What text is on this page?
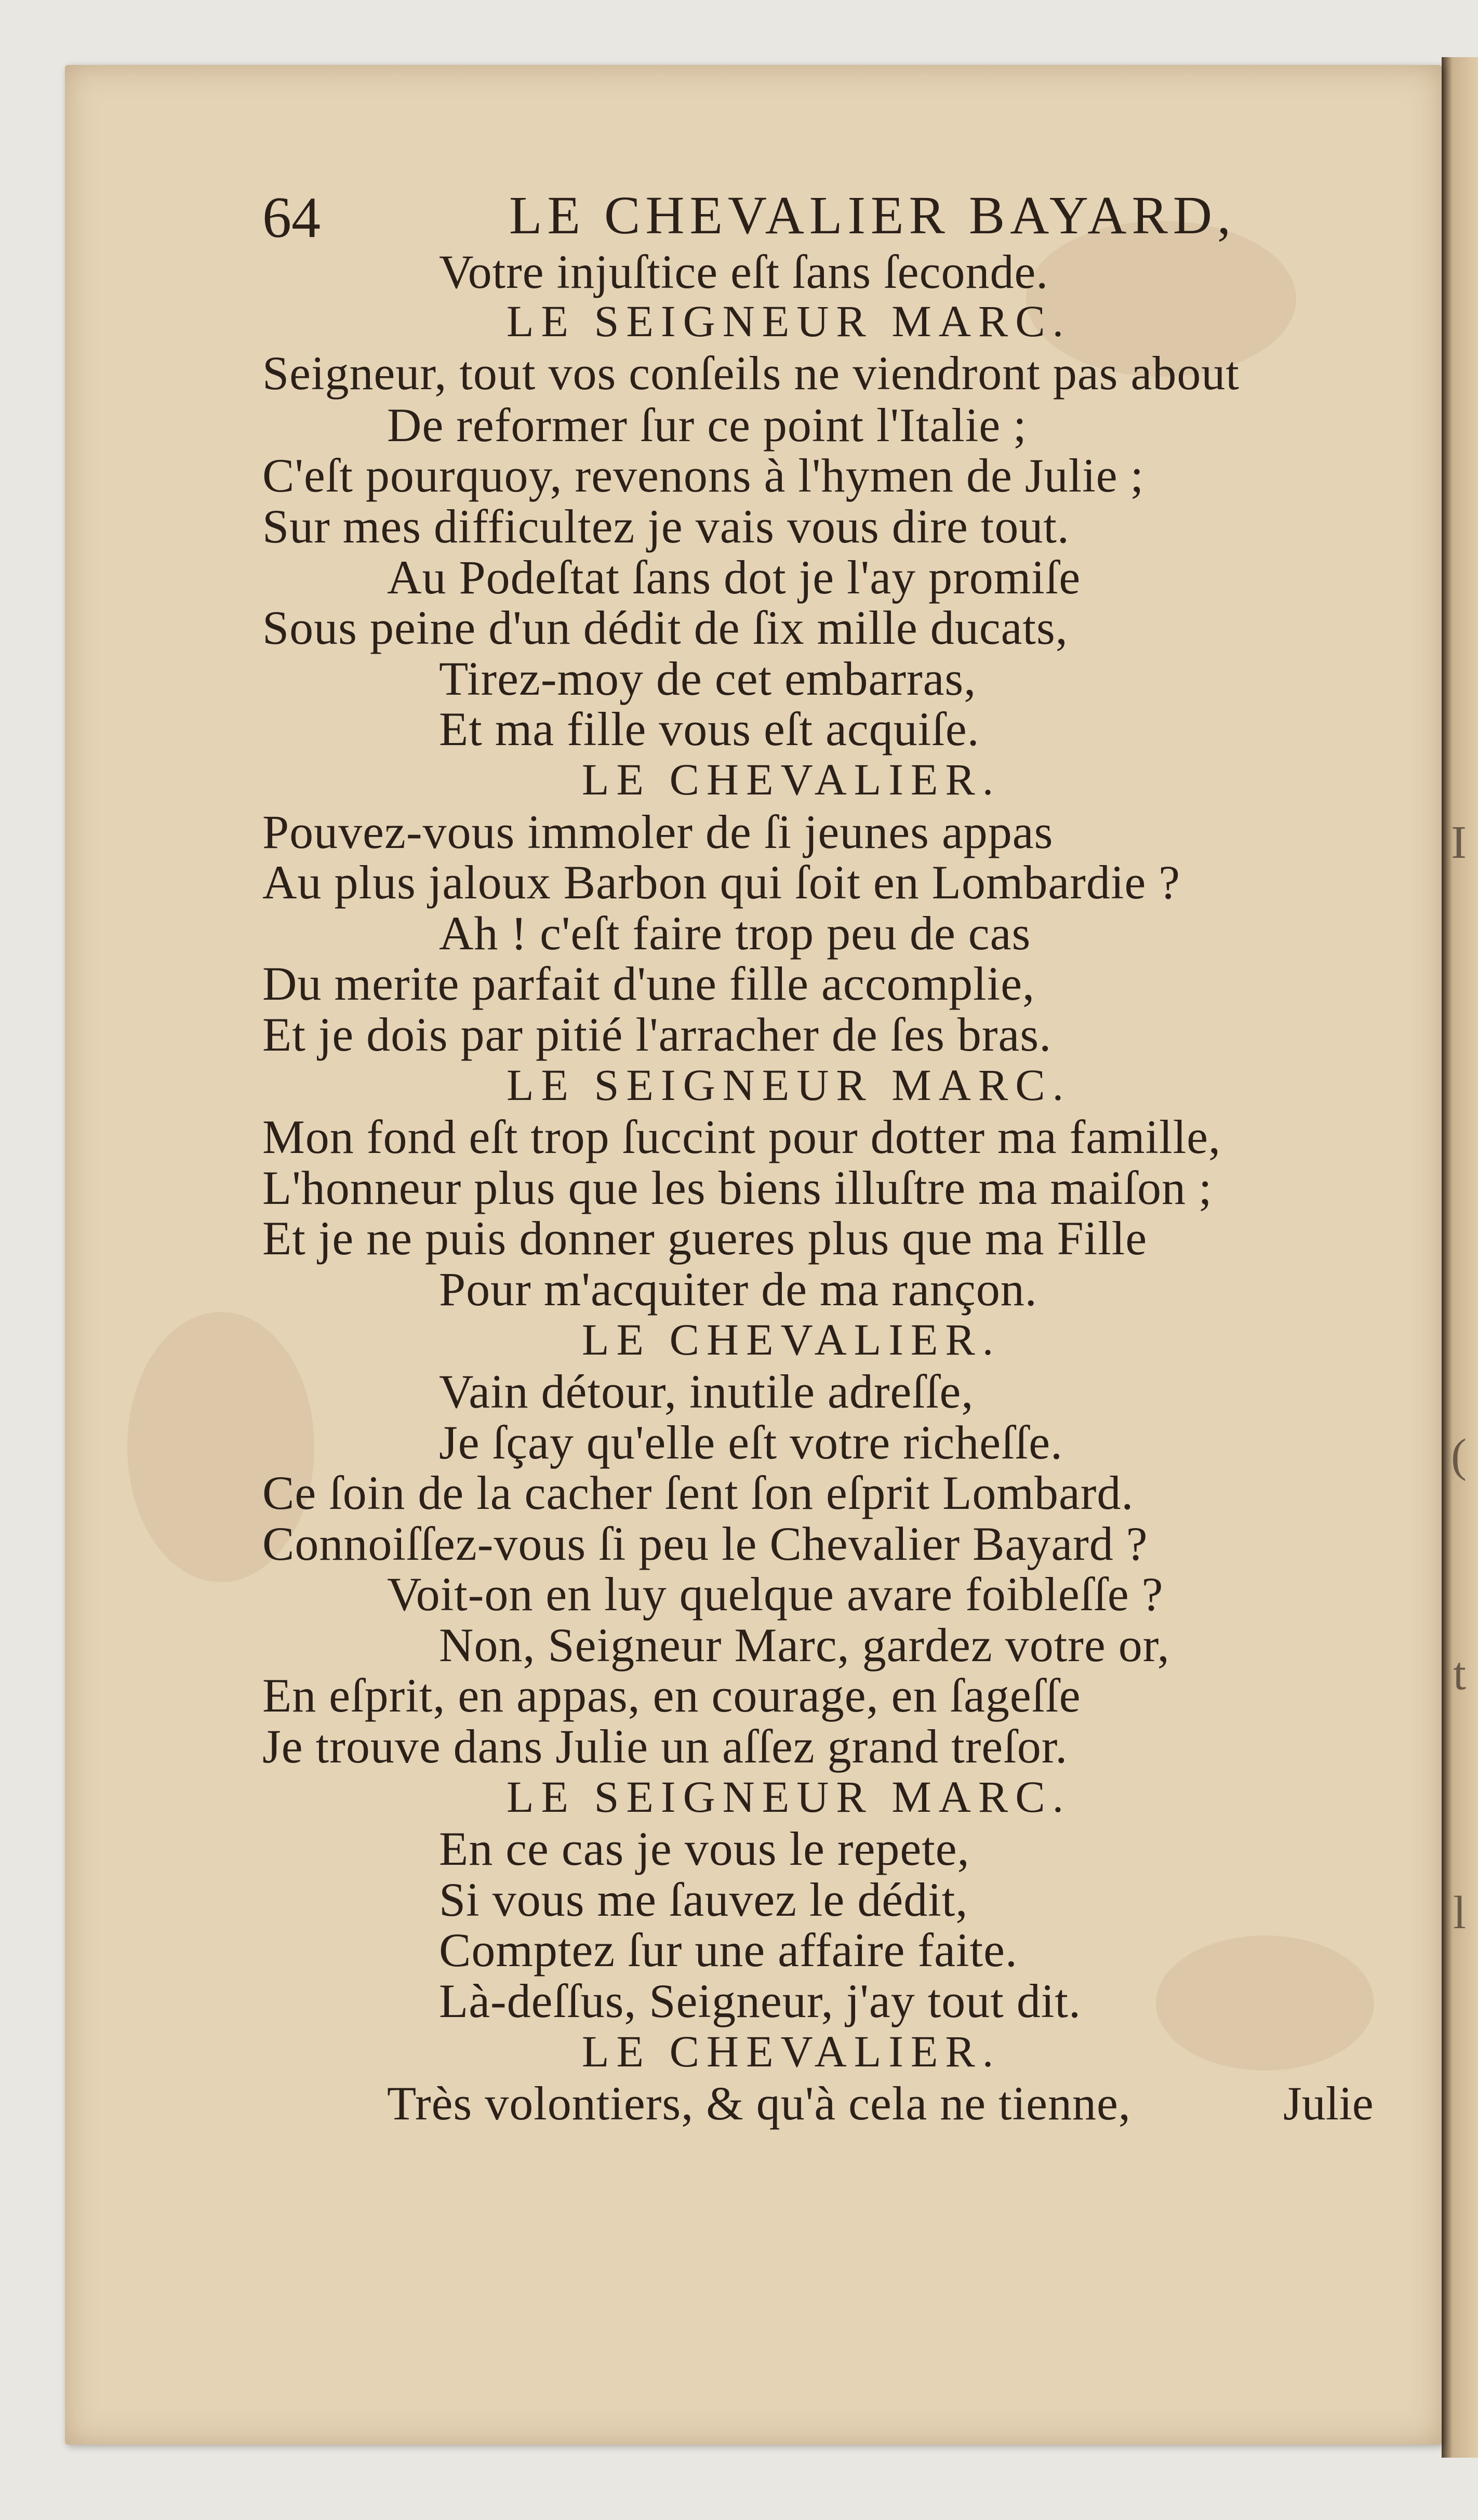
I
(
t
l
64	LE CHEVALIER BAYARD,
Votre injuſtice eſt ſans ſeconde.
LE SEIGNEUR MARC.
Seigneur, tout vos conſeils ne viendront pas about
De reformer ſur ce point l'Italie ;
C'eſt pourquoy, revenons à l'hymen de Julie ;
Sur mes difficultez je vais vous dire tout.
Au Podeſtat ſans dot je l'ay promiſe
Sous peine d'un dédit de ſix mille ducats,
Tirez-moy de cet embarras,
Et ma fille vous eſt acquiſe.
LE CHEVALIER.
Pouvez-vous immoler de ſi jeunes appas
Au plus jaloux Barbon qui ſoit en Lombardie ?
Ah ! c'eſt faire trop peu de cas
Du merite parfait d'une fille accomplie,
Et je dois par pitié l'arracher de ſes bras.
LE SEIGNEUR MARC.
Mon fond eſt trop ſuccint pour dotter ma famille,
L'honneur plus que les biens illuſtre ma maiſon ;
Et je ne puis donner gueres plus que ma Fille
Pour m'acquiter de ma rançon.
LE CHEVALIER.
Vain détour, inutile adreſſe,
Je ſçay qu'elle eſt votre richeſſe.
Ce ſoin de la cacher ſent ſon eſprit Lombard.
Connoiſſez-vous ſi peu le Chevalier Bayard ?
Voit-on en luy quelque avare foibleſſe ?
Non, Seigneur Marc, gardez votre or,
En eſprit, en appas, en courage, en ſageſſe
Je trouve dans Julie un aſſez grand treſor.
LE SEIGNEUR MARC.
En ce cas je vous le repete,
Si vous me ſauvez le dédit,
Comptez ſur une affaire faite.
Là-deſſus, Seigneur, j'ay tout dit.
LE CHEVALIER.
Très volontiers, & qu'à cela ne tienne,	Julie
